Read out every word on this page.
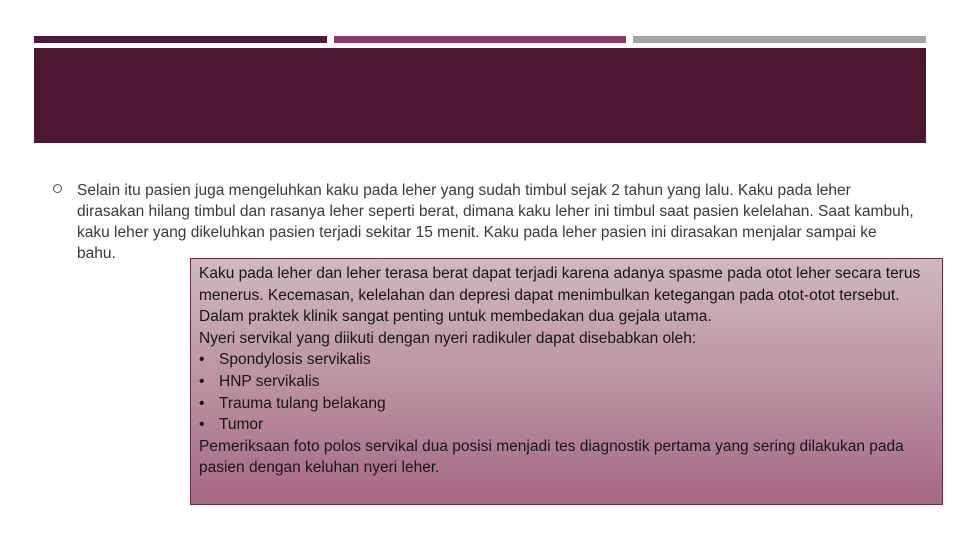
Selain itu pasien juga mengeluhkan kaku pada leher yang sudah timbul sejak 2 tahun yang lalu. Kaku pada leher dirasakan hilang timbul dan rasanya leher seperti berat, dimana kaku leher ini timbul saat pasien kelelahan. Saat kambuh, kaku leher yang dikeluhkan pasien terjadi sekitar 15 menit. Kaku pada leher pasien ini dirasakan menjalar sampai ke bahu.

Kaku pada leher dan leher terasa berat dapat terjadi karena adanya spasme pada otot leher secara terus menerus. Kecemasan, kelelahan dan depresi dapat menimbulkan ketegangan pada otot-otot tersebut. Dalam praktek klinik sangat penting untuk membedakan dua gejala utama.

Nyeri servikal yang diikuti dengan nyeri radikuler dapat disebabkan oleh:

• Spondylosis servikalis
• HNP servikalis
• Trauma tulang belakang
• Tumor

Pemeriksaan foto polos servikal dua posisi menjadi tes diagnostik pertama yang sering dilakukan pada pasien dengan keluhan nyeri leher.
